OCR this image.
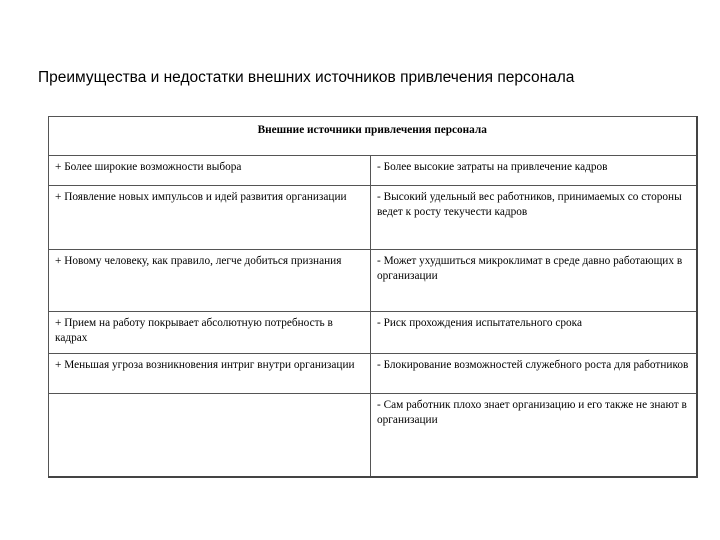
Преимущества и недостатки внешних источников привлечения персонала
Внешние источники привлечения персонала	
+ Более широкие возможности выбора	- Более высокие затраты на привлечение кадров
+ Появление новых импульсов и идей развития организации	- Высокий удельный вес работников, принимаемых со стороны ведет к росту текучести кадров
+ Новому человеку, как правило, легче добиться признания	- Может ухудшиться микроклимат в среде давно работающих в организации
+ Прием на работу покрывает абсолютную потребность в кадрах	- Риск прохождения испытательного срока
+ Меньшая угроза возникновения интриг внутри организации	- Блокирование возможностей служебного роста для работников
	- Сам работник плохо знает организацию и его также не знают в организации
